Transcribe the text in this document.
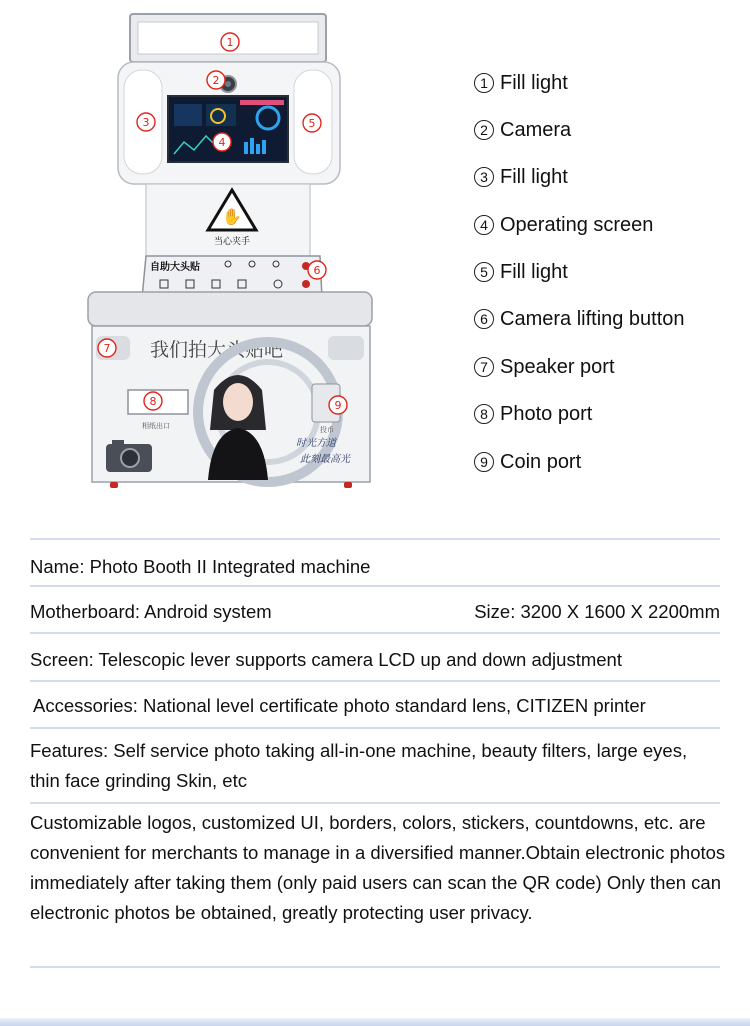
✋
当心夹手
自助大头贴
我们拍大头贴吧
相纸出口	投币
时光方道
此刻最高光
1
2
3
4
5
6
7
8	9
1 Fill light
2 Camera
3 Fill light
4 Operating screen
5 Fill light
6 Camera lifting button
7 Speaker port
8 Photo port
9 Coin port
Name: Photo Booth II Integrated machine
Motherboard: Android system	Size: 3200 X 1600 X 2200mm
Screen: Telescopic lever supports camera LCD up and down adjustment
Accessories: National level certificate photo standard lens, CITIZEN printer
Features: Self service photo taking all-in-one machine, beauty filters, large eyes, thin face grinding Skin, etc
Customizable logos, customized UI, borders, colors, stickers, countdowns, etc. are convenient for merchants to manage in a diversified manner.Obtain electronic photos immediately after taking them (only paid users can scan the QR code) Only then can electronic photos be obtained, greatly protecting user privacy.
